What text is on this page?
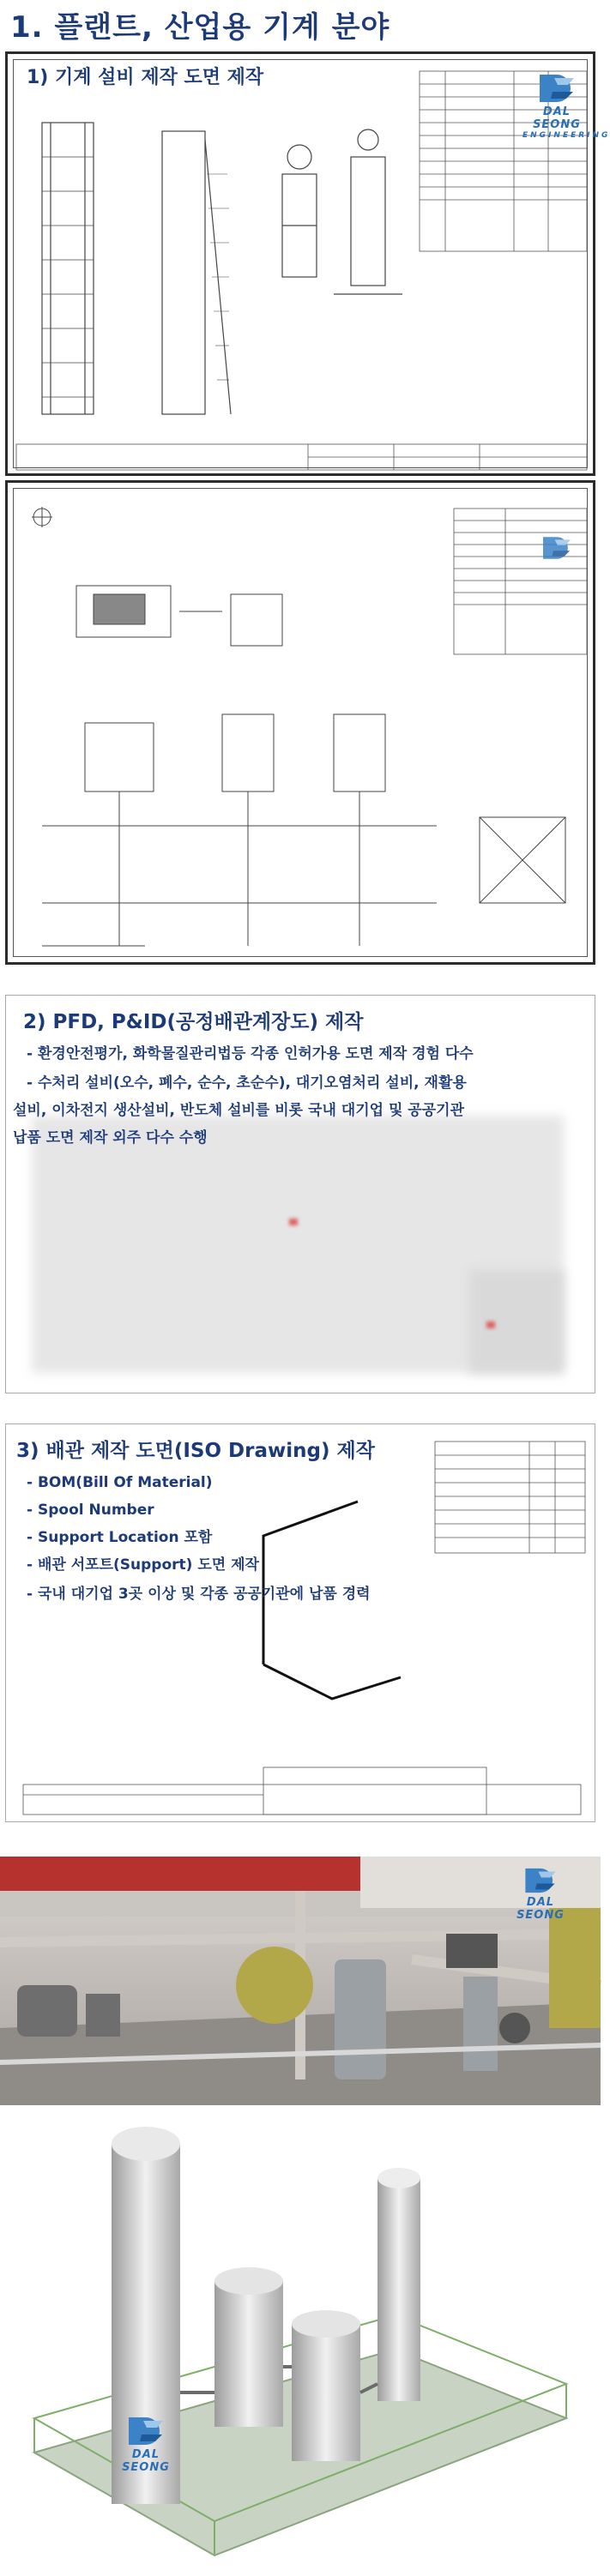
1. 플랜트, 산업용 기계 분야
1) 기계 설비 제작 도면 제작
DAL SEONG
ENGINEERING
2) PFD, P&ID(공정배관계장도) 제작
- 환경안전평가, 화학물질관리법등 각종 인허가용 도면 제작 경험 다수
- 수처리 설비(오수, 폐수, 순수, 초순수), 대기오염처리 설비, 재활용
설비, 이차전지 생산설비, 반도체 설비를 비롯 국내 대기업 및 공공기관
납품 도면 제작 외주 다수 수행
3) 배관 제작 도면(ISO Drawing) 제작
- BOM(Bill Of Material)
- Spool Number
- Support Location 포함
- 배관 서포트(Support) 도면 제작
- 국내 대기업 3곳 이상 및 각종 공공기관에 납품 경력
DAL SEONG
DAL SEONG
